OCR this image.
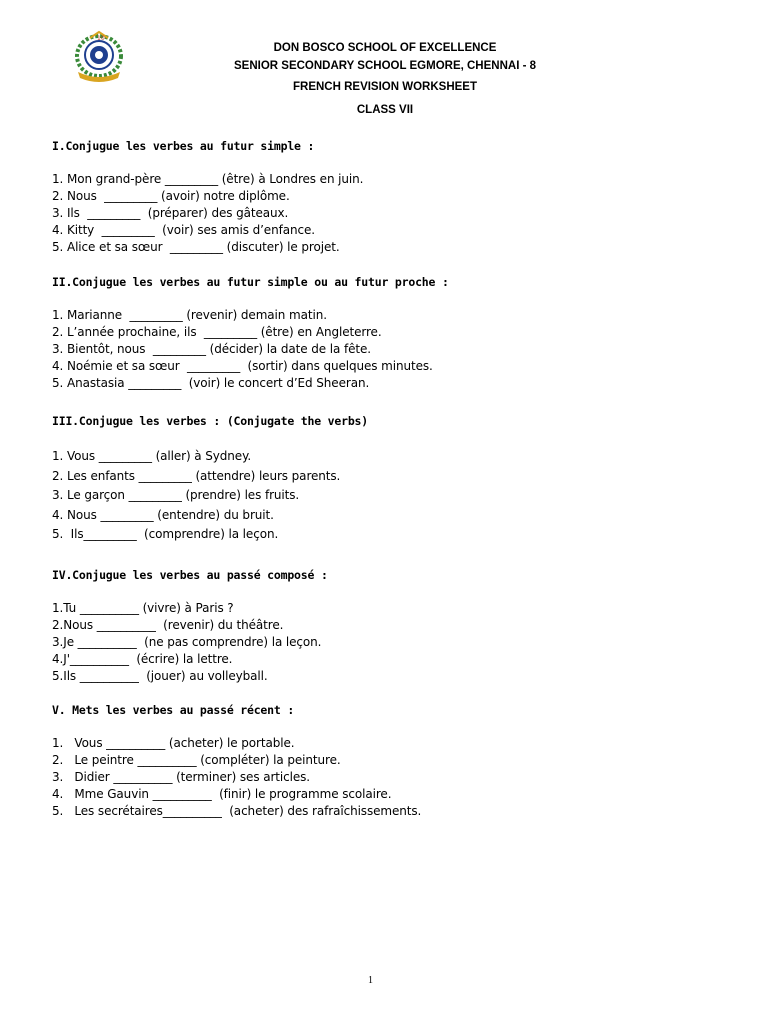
10
DON BOSCO SCHOOL OF EXCELLENCE
SENIOR SECONDARY SCHOOL EGMORE, CHENNAI - 8
FRENCH REVISION WORKSHEET
CLASS VII
I.Conjugue les verbes au futur simple :
1. Mon grand-père _________ (être) à Londres en juin.
2. Nous  _________ (avoir) notre diplôme.
3. Ils  _________  (préparer) des gâteaux.
4. Kitty  _________  (voir) ses amis d’enfance.
5. Alice et sa sœur  _________ (discuter) le projet.
II.Conjugue les verbes au futur simple ou au futur proche :
1. Marianne  _________ (revenir) demain matin.
2. L’année prochaine, ils  _________ (être) en Angleterre.
3. Bientôt, nous  _________ (décider) la date de la fête.
4. Noémie et sa sœur  _________  (sortir) dans quelques minutes.
5. Anastasia _________  (voir) le concert d’Ed Sheeran.
III.Conjugue les verbes : (Conjugate the verbs)
1. Vous _________ (aller) à Sydney.
2. Les enfants _________ (attendre) leurs parents.
3. Le garçon _________ (prendre) les fruits.
4. Nous _________ (entendre) du bruit.
5.  Ils_________  (comprendre) la leçon.
IV.Conjugue les verbes au passé composé :
1.Tu __________ (vivre) à Paris ?
2.Nous __________  (revenir) du théâtre.
3.Je __________  (ne pas comprendre) la leçon.
4.J'__________  (écrire) la lettre.
5.Ils __________  (jouer) au volleyball.
V. Mets les verbes au passé récent :
1.   Vous __________ (acheter) le portable.
2.   Le peintre __________ (compléter) la peinture.
3.   Didier __________ (terminer) ses articles.
4.   Mme Gauvin __________  (finir) le programme scolaire.
5.   Les secrétaires__________  (acheter) des rafraîchissements.
1
